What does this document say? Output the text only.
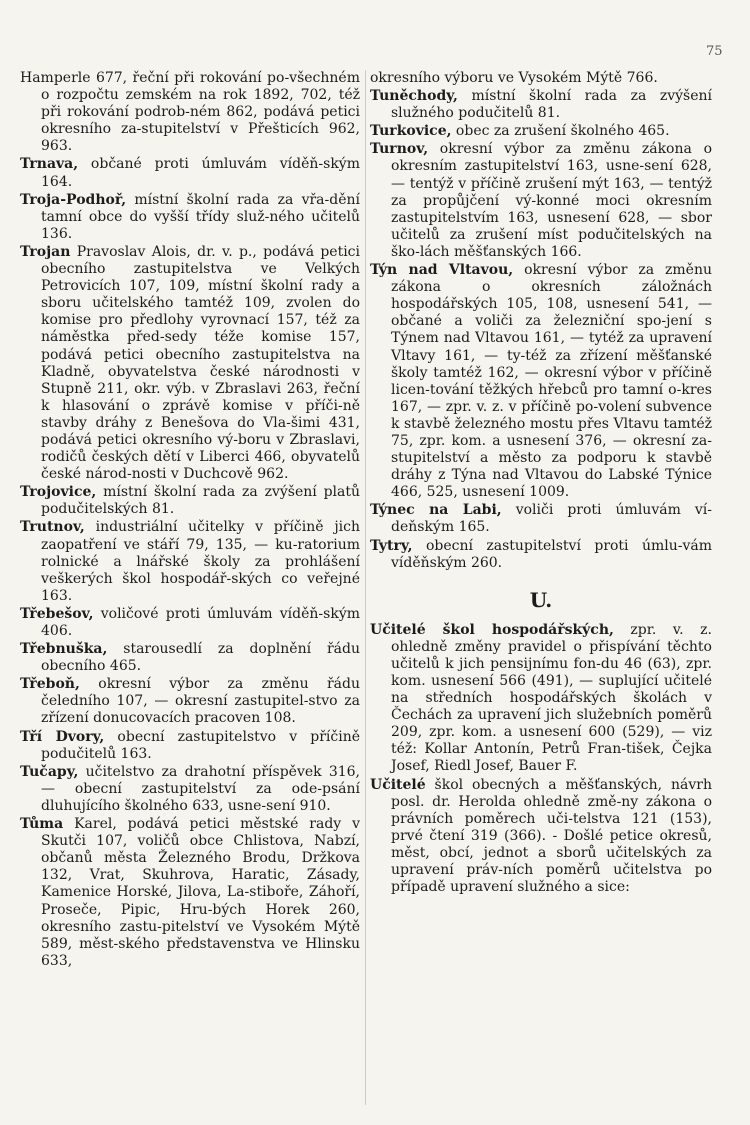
75

Hamperle 677, řeční při rokování po-všechném o rozpočtu zemském na rok 1892, 702, též při rokování podrob-ném 862, podává petici okresního za-stupitelství v Přešticích 962, 963.

Trnava, občané proti úmluvám víděň-ským 164.

Troja-Podhoř, místní školní rada za vřa-dění tamní obce do vyšší třídy služ-ného učitelů 136.

Trojan Pravoslav Alois, dr. v. p., podává petici obecního zastupitelstva ve Velkých Petrovicích 107, 109, místní školní rady a sboru učitelského tamtéž 109, zvolen do komise pro předlohy vyrovnací 157, též za náměstka před-sedy téže komise 157, podává petici obecního zastupitelstva na Kladně, obyvatelstva české národnosti v Stupně 211, okr. výb. v Zbraslavi 263, řeční k hlasování o zprávě komise v příči-ně stavby dráhy z Benešova do Vla-šimi 431, podává petici okresního vý-boru v Zbraslavi, rodičů českých dětí v Liberci 466, obyvatelů české národ-nosti v Duchcově 962.

Trojovice, místní školní rada za zvýšení platů podučitelských 81.

Trutnov, industriální učitelky v příčině jich zaopatření ve stáří 79, 135, — ku-ratorium rolnické a lnářské školy za prohlášení veškerých škol hospodář-ských co veřejné 163.

Třebešov, voličové proti úmluvám víděň-ským 406.

Třebnuška, starousedlí za doplnění řádu obecního 465.

Třeboň, okresní výbor za změnu řádu čeledního 107, — okresní zastupitel-stvo za zřízení donucovacích pracoven 108.

Tří Dvory, obecní zastupitelstvo v příčině podučitelů 163.

Tučapy, učitelstvo za drahotní příspěvek 316, — obecní zastupitelství za ode-psání dluhujícího školného 633, usne-sení 910.

Tůma Karel, podává petici městské rady v Skutči 107, voličů obce Chlistova, Nabzí, občanů města Železného Brodu, Držkova 132, Vrat, Skuhrova, Haratic, Zásady, Kamenice Horské, Jilova, La-stiboře, Záhoří, Proseče, Pipic, Hru-bých Horek 260, okresního zastu-pitelství ve Vysokém Mýtě 589, měst-ského představenstva ve Hlinsku 633,

okresního výboru ve Vysokém Mýtě 766.

Tuněchody, místní školní rada za zvýšení služného podučitelů 81.

Turkovice, obec za zrušení školného 465.

Turnov, okresní výbor za změnu zákona o okresním zastupitelství 163, usne-sení 628, — tentýž v příčině zrušení mýt 163, — tentýž za propůjčení vý-konné moci okresním zastupitelstvím 163, usnesení 628, — sbor učitelů za zrušení míst podučitelských na ško-lách měšťanských 166.

Týn nad Vltavou, okresní výbor za změnu zákona o okresních záložnách hospodářských 105, 108, usnesení 541, — občané a voliči za železniční spo-jení s Týnem nad Vltavou 161, — tytéž za upravení Vltavy 161, — ty-též za zřízení měšťanské školy tamtéž 162, — okresní výbor v příčině licen-tování těžkých hřebců pro tamní o-kres 167, — zpr. v. z. v příčině po-volení subvence k stavbě železného mostu přes Vltavu tamtéž 75, zpr. kom. a usnesení 376, — okresní za-stupitelství a město za podporu k stavbě dráhy z Týna nad Vltavou do Labské Týnice 466, 525, usnesení 1009.

Týnec na Labi, voliči proti úmluvám ví-deňským 165.

Tytry, obecní zastupitelství proti úmlu-vám víděňským 260.

U.

Učitelé škol hospodářských, zpr. v. z. ohledně změny pravidel o přispívání těchto učitelů k jich pensijnímu fon-du 46 (63), zpr. kom. usnesení 566 (491), — suplující učitelé na středních hospodářských školách v Čechách za upravení jich služebních poměrů 209, zpr. kom. a usnesení 600 (529), — viz též: Kollar Antonín, Petrů Fran-tišek, Čejka Josef, Riedl Josef, Bauer F.

Učitelé škol obecných a měšťanských, návrh posl. dr. Herolda ohledně změ-ny zákona o právních poměrech uči-telstva 121 (153), prvé čtení 319 (366). - Došlé petice okresů, měst, obcí, jednot a sborů učitelských za upravení práv-ních poměrů učitelstva po případě upravení služného a sice:
